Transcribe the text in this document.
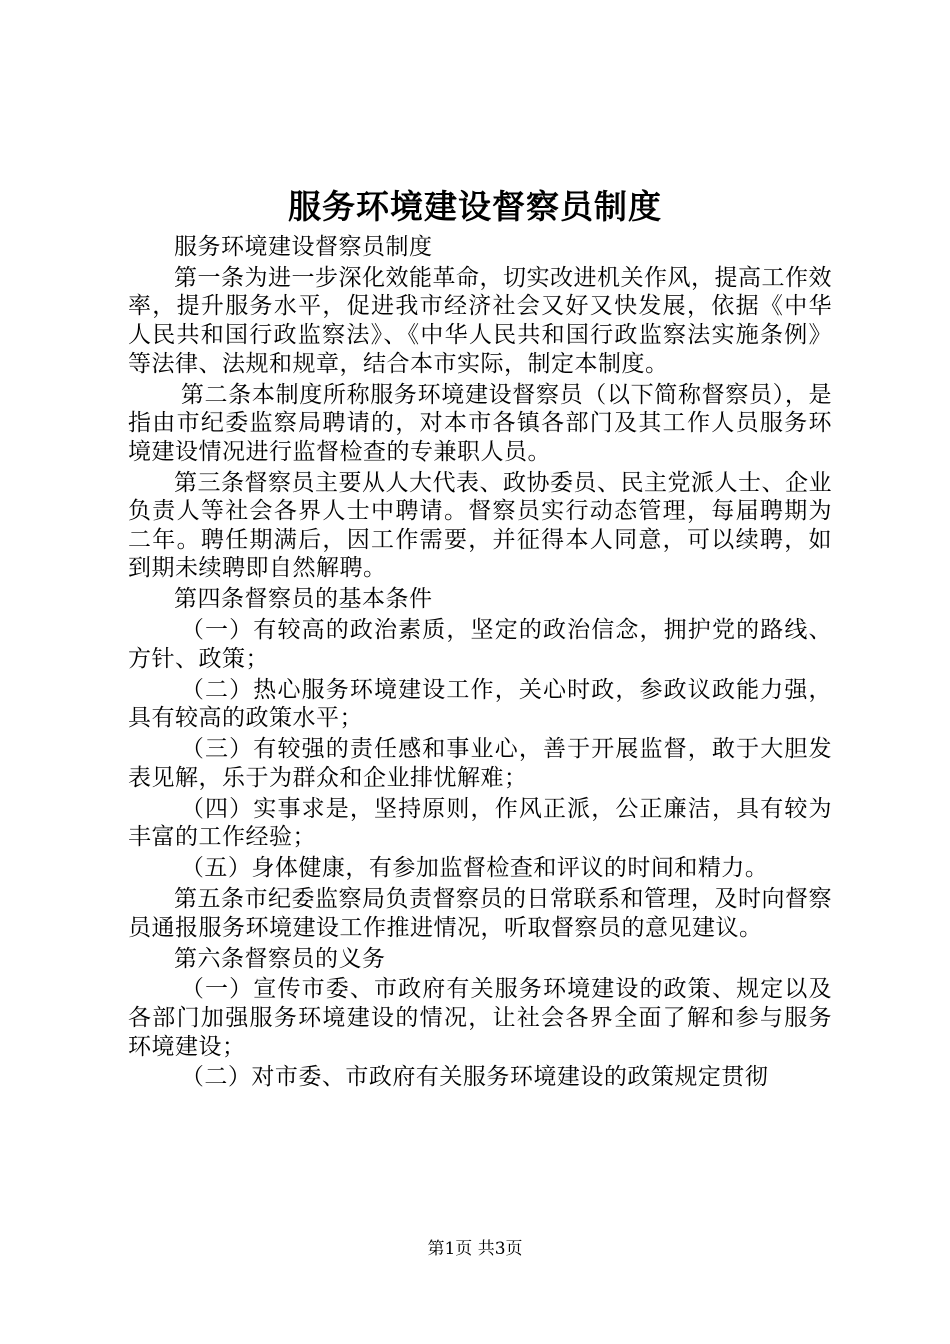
服务环境建设督察员制度

服务环境建设督察员制度

第一条为进一步深化效能革命，切实改进机关作风，提高工作效率，提升服务水平，促进我市经济社会又好又快发展，依据《中华人民共和国行政监察法》、《中华人民共和国行政监察法实施条例》等法律、法规和规章，结合本市实际，制定本制度。

第二条本制度所称服务环境建设督察员（以下简称督察员），是指由市纪委监察局聘请的，对本市各镇各部门及其工作人员服务环境建设情况进行监督检查的专兼职人员。

第三条督察员主要从人大代表、政协委员、民主党派人士、企业负责人等社会各界人士中聘请。督察员实行动态管理，每届聘期为二年。聘任期满后，因工作需要，并征得本人同意，可以续聘，如到期未续聘即自然解聘。

第四条督察员的基本条件

（一）有较高的政治素质，坚定的政治信念，拥护党的路线、方针、政策；

（二）热心服务环境建设工作，关心时政，参政议政能力强，具有较高的政策水平；

（三）有较强的责任感和事业心，善于开展监督，敢于大胆发表见解，乐于为群众和企业排忧解难；

（四）实事求是，坚持原则，作风正派，公正廉洁，具有较为丰富的工作经验；

（五）身体健康，有参加监督检查和评议的时间和精力。

第五条市纪委监察局负责督察员的日常联系和管理，及时向督察员通报服务环境建设工作推进情况，听取督察员的意见建议。

第六条督察员的义务

（一）宣传市委、市政府有关服务环境建设的政策、规定以及各部门加强服务环境建设的情况，让社会各界全面了解和参与服务环境建设；

（二）对市委、市政府有关服务环境建设的政策规定贯彻

第1页 共3页
